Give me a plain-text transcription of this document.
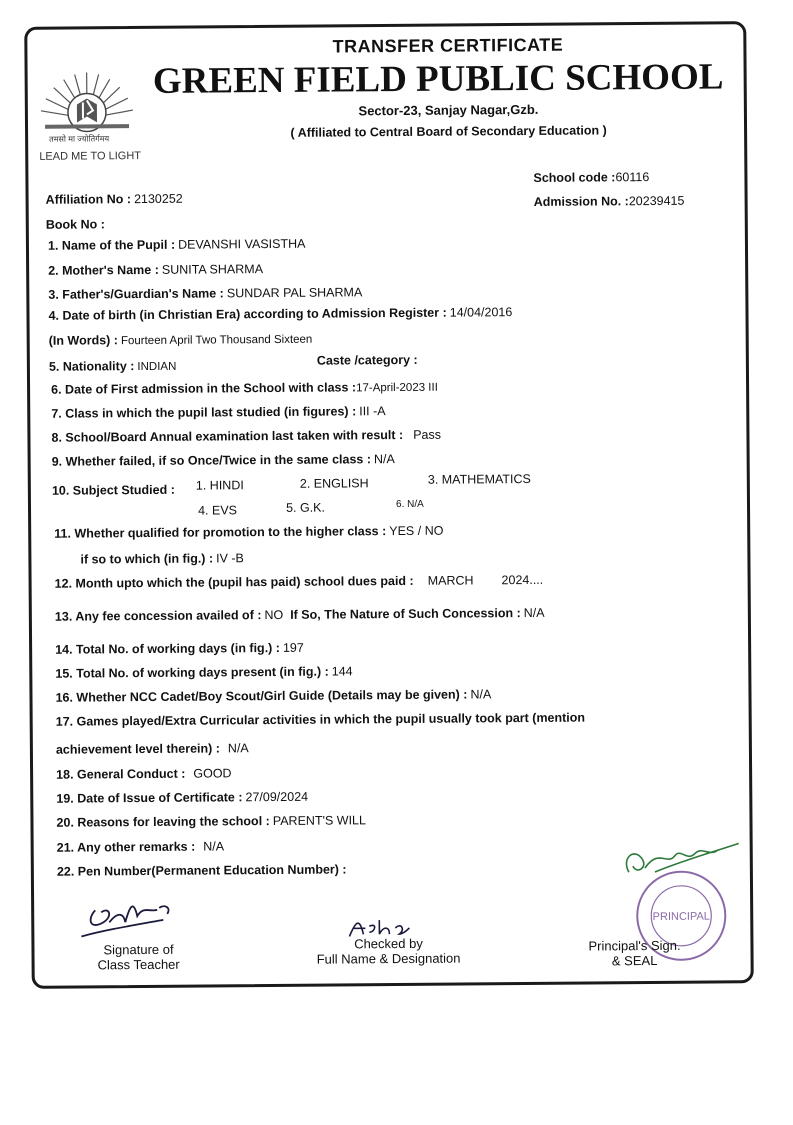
तमसो मा ज्योतिर्गमय
LEAD ME TO LIGHT
TRANSFER CERTIFICATE
GREEN FIELD PUBLIC SCHOOL
Sector-23, Sanjay Nagar,Gzb.
( Affiliated to Central Board of Secondary Education )
School code :60116
Affiliation No : 2130252	Admission No. :20239415
Book No :
1. Name of the Pupil : DEVANSHI VASISTHA
2. Mother's Name : SUNITA SHARMA
3. Father's/Guardian's Name : SUNDAR PAL SHARMA
4. Date of birth (in Christian Era) according to Admission Register : 14/04/2016
(In Words) : Fourteen April Two Thousand Sixteen
5. Nationality : INDIAN	Caste /category :
6. Date of First admission in the School with class :17-April-2023 III
7. Class in which the pupil last studied (in figures) : III -A
8. School/Board Annual examination last taken with result : Pass
9. Whether failed, if so Once/Twice in the same class : N/A
10. Subject Studied : 1. HINDI	2. ENGLISH	3. MATHEMATICS
4. EVS	5. G.K.	6. N/A
11. Whether qualified for promotion to the higher class : YES / NO
if so to which (in fig.) : IV -B
12. Month upto which the (pupil has paid) school dues paid : MARCH 2024....
13. Any fee concession availed of : NO If So, The Nature of Such Concession : N/A
14. Total No. of working days (in fig.) : 197
15. Total No. of working days present (in fig.) : 144
16. Whether NCC Cadet/Boy Scout/Girl Guide (Details may be given) : N/A
17. Games played/Extra Curricular activities in which the pupil usually took part (mention
achievement level therein) : N/A
18. General Conduct : GOOD
19. Date of Issue of Certificate : 27/09/2024
20. Reasons for leaving the school : PARENT'S WILL
21. Any other remarks : N/A
22. Pen Number(Permanent Education Number) :
PRINCIPAL
Signature of
Class Teacher
Checked by
Full Name & Designation
Principal's Sign.
& SEAL
